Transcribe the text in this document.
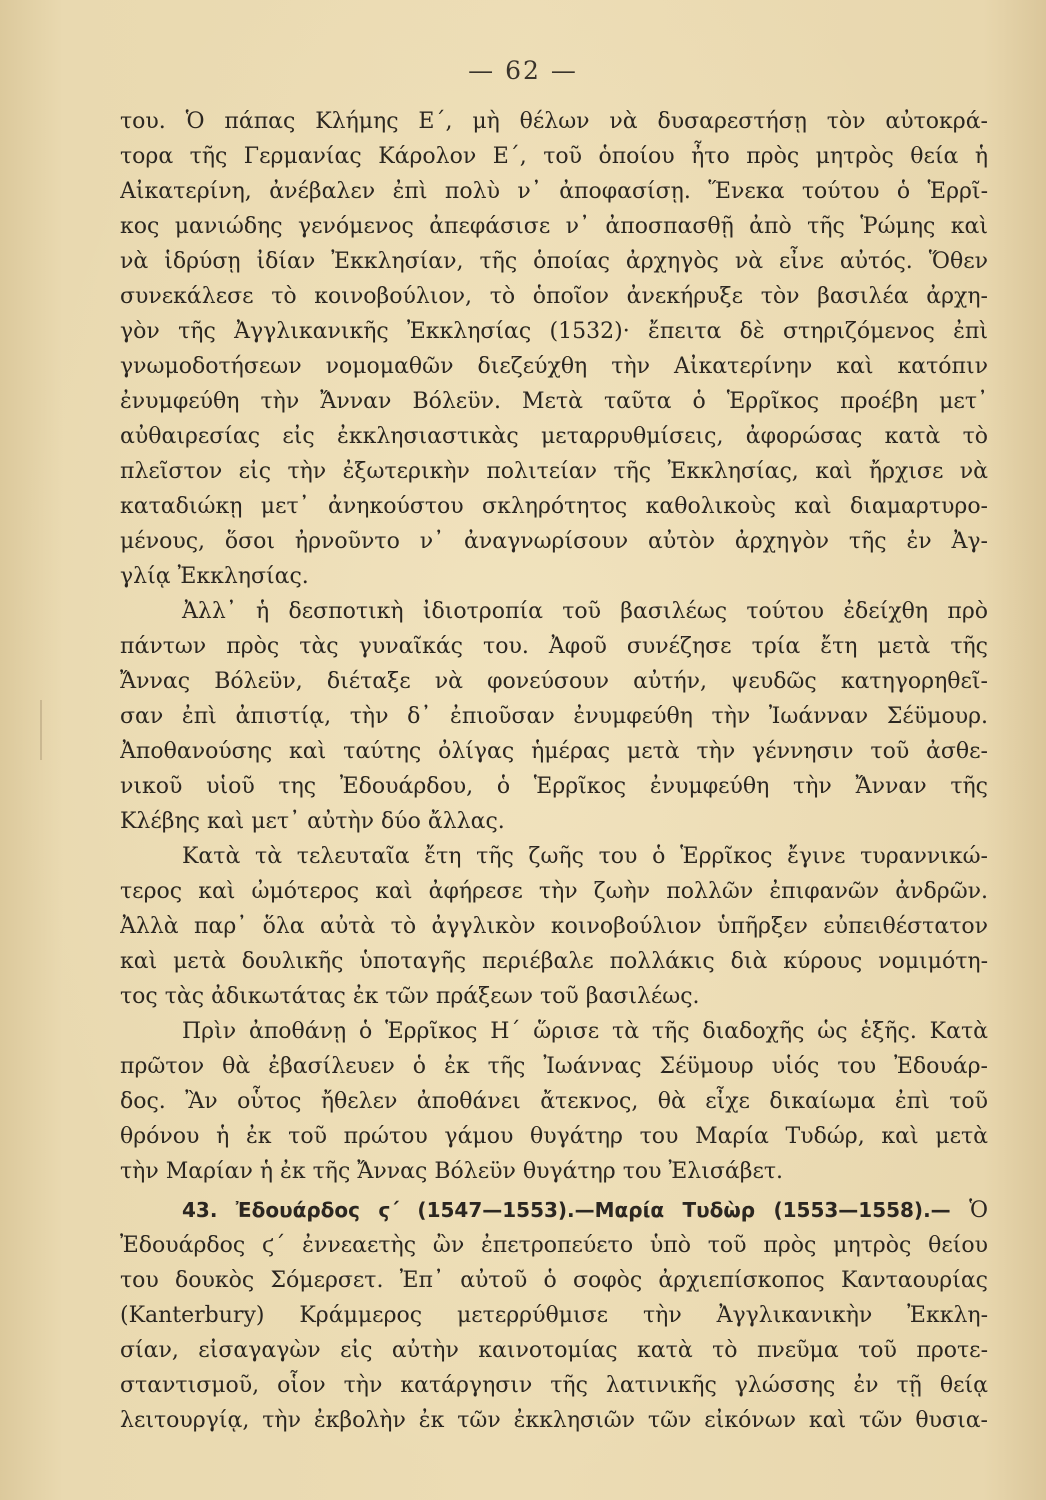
— 62 —
του. Ὁ πάπας Κλήμης Ε΄, μὴ θέλων νὰ δυσαρεστήσῃ τὸν αὐτοκρά-
τορα τῆς Γερμανίας Κάρολον Ε΄, τοῦ ὁποίου ἦτο πρὸς μητρὸς θεία ἡ
Αἰκατερίνη, ἀνέβαλεν ἐπὶ πολὺ ν᾿ ἀποφασίσῃ. Ἕνεκα τούτου ὁ Ἑρρῖ-
κος μανιώδης γενόμενος ἀπεφάσισε ν᾿ ἀποσπασθῇ ἀπὸ τῆς Ῥώμης καὶ
νὰ ἱδρύσῃ ἰδίαν Ἐκκλησίαν, τῆς ὁποίας ἀρχηγὸς νὰ εἶνε αὐτός. Ὅθεν
συνεκάλεσε τὸ κοινοβούλιον, τὸ ὁποῖον ἀνεκήρυξε τὸν βασιλέα ἀρχη-
γὸν τῆς Ἀγγλικανικῆς Ἐκκλησίας (1532)· ἔπειτα δὲ στηριζόμενος ἐπὶ
γνωμοδοτήσεων νομομαθῶν διεζεύχθη τὴν Αἰκατερίνην καὶ κατόπιν
ἐνυμφεύθη τὴν Ἄνναν Βόλεϋν. Μετὰ ταῦτα ὁ Ἑρρῖκος προέβη μετ᾿
αὐθαιρεσίας εἰς ἐκκλησιαστικὰς μεταρρυθμίσεις, ἀφορώσας κατὰ τὸ
πλεῖστον εἰς τὴν ἐξωτερικὴν πολιτείαν τῆς Ἐκκλησίας, καὶ ἤρχισε νὰ
καταδιώκῃ μετ᾿ ἀνηκούστου σκληρότητος καθολικοὺς καὶ διαμαρτυρο-
μένους, ὅσοι ἠρνοῦντο ν᾿ ἀναγνωρίσουν αὐτὸν ἀρχηγὸν τῆς ἐν Ἀγ-
γλίᾳ Ἐκκλησίας.
Ἀλλ᾿ ἡ δεσποτικὴ ἰδιοτροπία τοῦ βασιλέως τούτου ἐδείχθη πρὸ
πάντων πρὸς τὰς γυναῖκάς του. Ἀφοῦ συνέζησε τρία ἔτη μετὰ τῆς
Ἄννας Βόλεϋν, διέταξε νὰ φονεύσουν αὐτήν, ψευδῶς κατηγορηθεῖ-
σαν ἐπὶ ἀπιστίᾳ, τὴν δ᾿ ἐπιοῦσαν ἐνυμφεύθη τὴν Ἰωάνναν Σέϋμουρ.
Ἀποθανούσης καὶ ταύτης ὀλίγας ἡμέρας μετὰ τὴν γέννησιν τοῦ ἀσθε-
νικοῦ υἱοῦ της Ἐδουάρδου, ὁ Ἑρρῖκος ἐνυμφεύθη τὴν Ἄνναν τῆς
Κλέβης καὶ μετ᾿ αὐτὴν δύο ἄλλας.
Κατὰ τὰ τελευταῖα ἔτη τῆς ζωῆς του ὁ Ἑρρῖκος ἔγινε τυραννικώ-
τερος καὶ ὠμότερος καὶ ἀφήρεσε τὴν ζωὴν πολλῶν ἐπιφανῶν ἀνδρῶν.
Ἀλλὰ παρ᾿ ὅλα αὐτὰ τὸ ἀγγλικὸν κοινοβούλιον ὑπῆρξεν εὐπειθέστατον
καὶ μετὰ δουλικῆς ὑποταγῆς περιέβαλε πολλάκις διὰ κύρους νομιμότη-
τος τὰς ἀδικωτάτας ἐκ τῶν πράξεων τοῦ βασιλέως.
Πρὶν ἀποθάνῃ ὁ Ἑρρῖκος Η΄ ὥρισε τὰ τῆς διαδοχῆς ὡς ἑξῆς. Κατὰ
πρῶτον θὰ ἐβασίλευεν ὁ ἐκ τῆς Ἰωάννας Σέϋμουρ υἱός του Ἐδουάρ-
δος. Ἂν οὗτος ἤθελεν ἀποθάνει ἄτεκνος, θὰ εἶχε δικαίωμα ἐπὶ τοῦ
θρόνου ἡ ἐκ τοῦ πρώτου γάμου θυγάτηρ του Μαρία Τυδώρ, καὶ μετὰ
τὴν Μαρίαν ἡ ἐκ τῆς Ἄννας Βόλεϋν θυγάτηρ του Ἐλισάβετ.
43. Ἐδουάρδος ϛ΄ (1547—1553).—Μαρία Τυδὼρ (1553—1558).— Ὁ
Ἐδουάρδος ϛ΄ ἐννεαετὴς ὢν ἐπετροπεύετο ὑπὸ τοῦ πρὸς μητρὸς θείου
του δουκὸς Σόμερσετ. Ἐπ᾿ αὐτοῦ ὁ σοφὸς ἀρχιεπίσκοπος Κανταουρίας
(Kanterbury) Κράμμερος μετερρύθμισε τὴν Ἀγγλικανικὴν Ἐκκλη-
σίαν, εἰσαγαγὼν εἰς αὐτὴν καινοτομίας κατὰ τὸ πνεῦμα τοῦ προτε-
σταντισμοῦ, οἷον τὴν κατάργησιν τῆς λατινικῆς γλώσσης ἐν τῇ θείᾳ
λειτουργίᾳ, τὴν ἐκβολὴν ἐκ τῶν ἐκκλησιῶν τῶν εἰκόνων καὶ τῶν θυσια-
